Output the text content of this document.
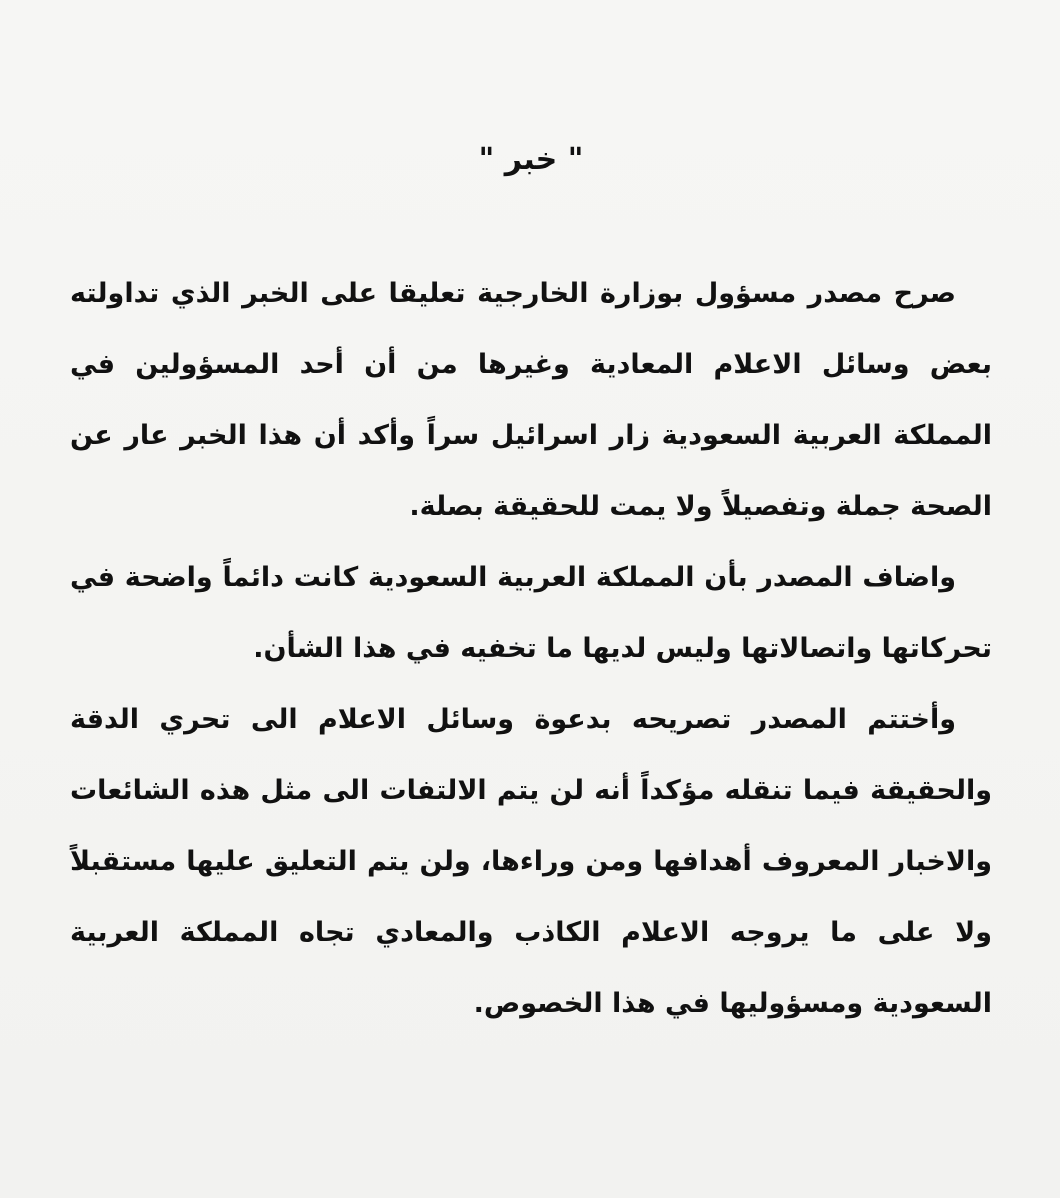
" خبر "

صرح مصدر مسؤول بوزارة الخارجية تعليقا على الخبر الذي تداولته بعض وسائل الاعلام المعادية وغيرها من أن أحد المسؤولين في المملكة العربية السعودية زار اسرائيل سراً وأكد أن هذا الخبر عار عن الصحة جملة وتفصيلاً ولا يمت للحقيقة بصلة.

واضاف المصدر بأن المملكة العربية السعودية كانت دائماً واضحة في تحركاتها واتصالاتها وليس لديها ما تخفيه في هذا الشأن.

وأختتم المصدر تصريحه بدعوة وسائل الاعلام الى تحري الدقة والحقيقة فيما تنقله مؤكداً أنه لن يتم الالتفات الى مثل هذه الشائعات والاخبار المعروف أهدافها ومن وراءها، ولن يتم التعليق عليها مستقبلاً ولا على ما يروجه الاعلام الكاذب والمعادي تجاه المملكة العربية السعودية ومسؤوليها في هذا الخصوص.
